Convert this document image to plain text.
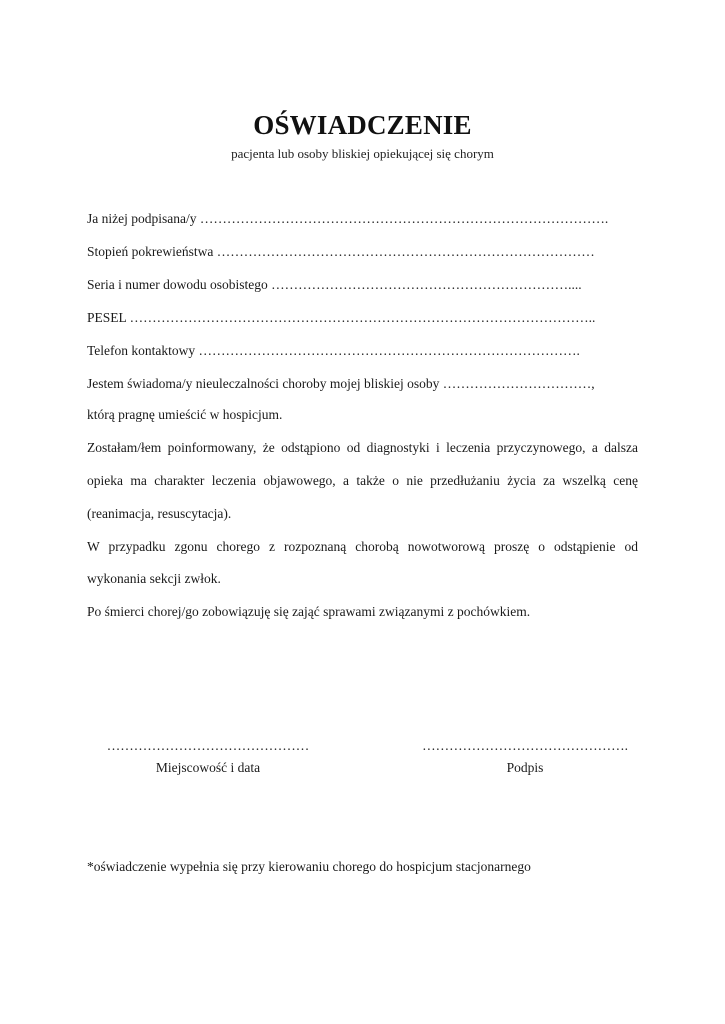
OŚWIADCZENIE
pacjenta lub osoby bliskiej opiekującej się chorym
Ja niżej podpisana/y ……………………………………………………………………………….
Stopień pokrewieństwa …………………………………………………………………………
Seria i numer dowodu osobistego …………………………………………………………....
PESEL …………………………………………………………………………………………..
Telefon kontaktowy ………………………………………………………………………….
Jestem świadoma/y nieuleczalności choroby mojej bliskiej osoby ……………………………,
którą pragnę umieścić w hospicjum.
Zostałam/łem poinformowany, że odstąpiono od diagnostyki i leczenia przyczynowego, a dalsza
opieka ma charakter leczenia objawowego, a także o nie przedłużaniu życia za wszelką cenę
(reanimacja, resuscytacja).
W przypadku zgonu chorego z rozpoznaną chorobą nowotworową proszę o odstąpienie od
wykonania sekcji zwłok.
Po śmierci chorej/go zobowiązuję się zająć sprawami związanymi z pochówkiem.
………………………………………
Miejscowość i data
……………………………………….
Podpis
*oświadczenie wypełnia się przy kierowaniu chorego do hospicjum stacjonarnego
